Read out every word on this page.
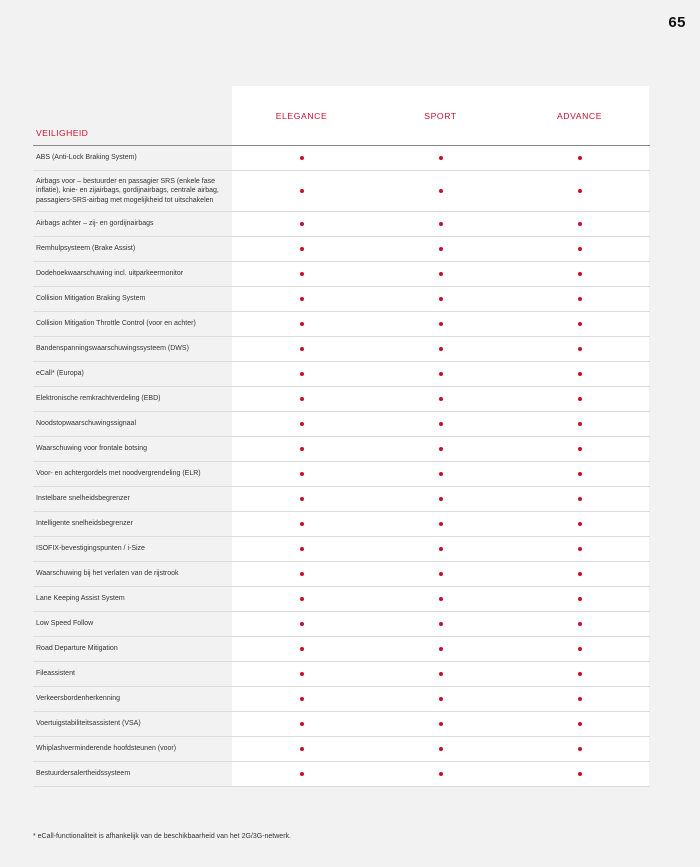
65
VEILIGHEID
ELEGANCE	SPORT	ADVANCE
ABS (Anti-Lock Braking System)
Airbags voor – bestuurder en passagier SRS (enkele fase inflatie), knie- en zijairbags, gordijnairbags, centrale airbag, passagiers-SRS-airbag met mogelijkheid tot uitschakelen
Airbags achter – zij- en gordijnairbags
Remhulpsysteem (Brake Assist)
Dodehoekwaarschuwing incl. uitparkeermonitor
Collision Mitigation Braking System
Collision Mitigation Throttle Control (voor en achter)
Bandenspanningswaarschuwingssysteem (DWS)
eCall* (Europa)
Elektronische remkrachtverdeling (EBD)
Noodstopwaarschuwingssignaal
Waarschuwing voor frontale botsing
Voor- en achtergordels met noodvergrendeling (ELR)
Instelbare snelheidsbegrenzer
Intelligente snelheidsbegrenzer
ISOFIX-bevestigingspunten / i-Size
Waarschuwing bij het verlaten van de rijstrook
Lane Keeping Assist System
Low Speed Follow
Road Departure Mitigation
Fileassistent
Verkeersbordenherkenning
Voertuigstabiliteitsassistent (VSA)
Whiplashverminderende hoofdsteunen (voor)
Bestuurdersalertheidssysteem
* eCall-functionaliteit is afhankelijk van de beschikbaarheid van het 2G/3G-netwerk.
